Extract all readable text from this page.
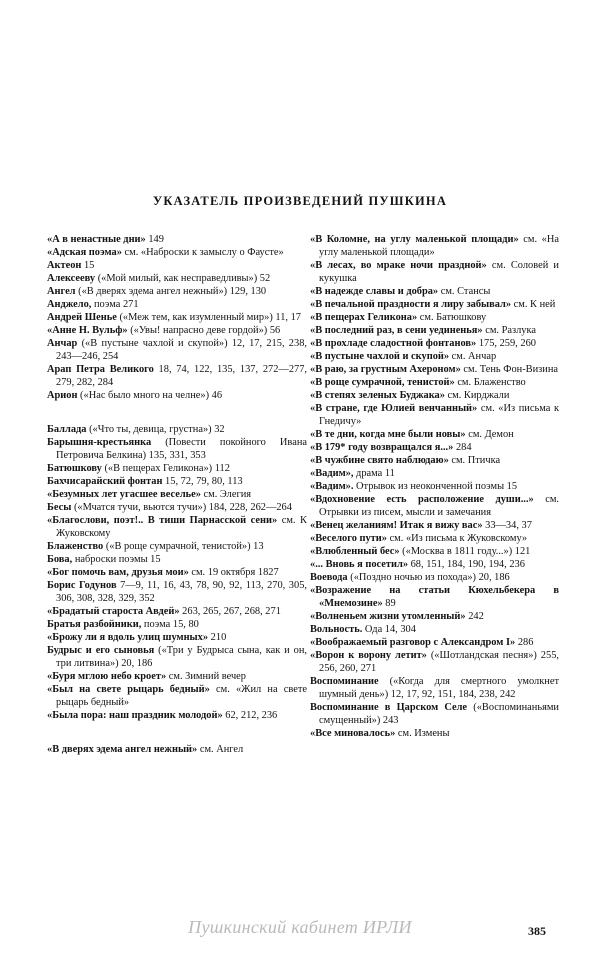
УКАЗАТЕЛЬ ПРОИЗВЕДЕНИЙ ПУШКИНА
«А в ненастные дни» 149
«Адская поэма» см. «Наброски к замыслу о Фаусте»
Актеон 15
Алексееву («Мой милый, как несправедливы») 52
Ангел («В дверях эдема ангел нежный») 129, 130
Анджело, поэма 271
Андрей Шенье («Меж тем, как изумленный мир») 11, 17
«Анне Н. Вульф» («Увы! напрасно деве гордой») 56
Анчар («В пустыне чахлой и скупой») 12, 17, 215, 238, 243—246, 254
Арап Петра Великого 18, 74, 122, 135, 137, 272—277, 279, 282, 284
Арион («Нас было много на челне») 46
Баллада («Что ты, девица, грустна») 32
Барышня-крестьянка (Повести покойного Ивана Петровича Белкина) 135, 331, 353
Батюшкову («В пещерах Геликона») 112
Бахчисарайский фонтан 15, 72, 79, 80, 113
«Безумных лет угасшее веселье» см. Элегия
Бесы («Мчатся тучи, вьются тучи») 184, 228, 262—264
«Благослови, поэт!.. В тиши Парнасской сени» см. К Жуковскому
Блаженство («В роще сумрачной, тенистой») 13
Бова, наброски поэмы 15
«Бог помочь вам, друзья мои» см. 19 октября 1827
Борис Годунов 7—9, 11, 16, 43, 78, 90, 92, 113, 270, 305, 306, 308, 328, 329, 352
«Брадатый староста Авдей» 263, 265, 267, 268, 271
Братья разбойники, поэма 15, 80
«Брожу ли я вдоль улиц шумных» 210
Будрыс и его сыновья («Три у Будрыса сына, как и он, три литвина») 20, 186
«Буря мглою небо кроет» см. Зимний вечер
«Был на свете рыцарь бедный» см. «Жил на свете рыцарь бедный»
«Была пора: наш праздник молодой» 62, 212, 236
«В дверях эдема ангел нежный» см. Ангел
«В Коломне, на углу маленькой площади» см. «На углу маленькой площади»
«В лесах, во мраке ночи праздной» см. Соловей и кукушка
«В надежде славы и добра» см. Стансы
«В печальной праздности я лиру забывал» см. К ней
«В пещерах Геликона» см. Батюшкову
«В последний раз, в сени уединенья» см. Разлука
«В прохладе сладостной фонтанов» 175, 259, 260
«В пустыне чахлой и скупой» см. Анчар
«В раю, за грустным Ахероном» см. Тень Фон-Визина
«В роще сумрачной, тенистой» см. Блаженство
«В степях зеленых Буджака» см. Кирджали
«В стране, где Юлией венчанный» см. «Из письма к Гнедичу»
«В те дни, когда мне были новы» см. Демон
«В 179* году возвращался я...» 284
«В чужбине свято наблюдаю» см. Птичка
«Вадим», драма 11
«Вадим». Отрывок из неоконченной поэмы 15
«Вдохновение есть расположение души...» см. Отрывки из писем, мысли и замечания
«Венец желаниям! Итак я вижу вас» 33—34, 37
«Веселого пути» см. «Из письма к Жуковскому»
«Влюбленный бес» («Москва в 1811 году...») 121
«... Вновь я посетил» 68, 151, 184, 190, 194, 236
Воевода («Поздно ночью из похода») 20, 186
«Возражение на статьи Кюхельбекера в «Мнемозине» 89
«Волненьем жизни утомленный» 242
Вольность. Ода 14, 304
«Воображаемый разговор с Александром I» 286
«Ворон к ворону летит» («Шотландская песня») 255, 256, 260, 271
Воспоминание («Когда для смертного умолкнет шумный день») 12, 17, 92, 151, 184, 238, 242
Воспоминание в Царском Селе («Воспоминаньями смущенный») 243
«Все миновалось» см. Измены
Пушкинский кабинет ИРЛИ	385
